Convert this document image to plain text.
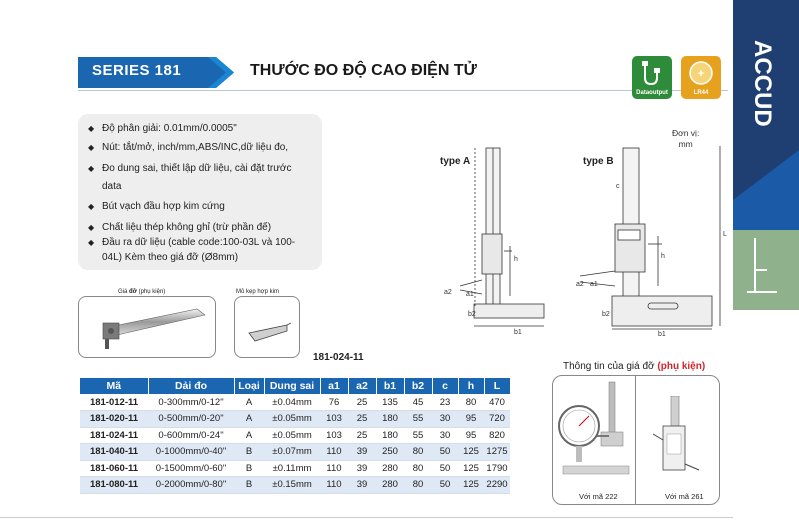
ACCUD
SERIES 181	THƯỚC ĐO ĐỘ CAO ĐIỆN TỬ
Dataoutput
+
LR44
◆ Độ phân giải: 0.01mm/0.0005"
◆ Nút: tắt/mở, inch/mm,ABS/INC,dữ liệu đo,
◆ Đo dung sai, thiết lập dữ liệu, cài đặt trước
data
◆ Bút vạch đầu hợp kim cứng
◆ Chất liệu thép không ghỉ (trừ phần đế)
◆ Đầu ra dữ liệu (cable code:100-03L và 100-
04L) Kèm theo giá đỡ (Ø8mm)
Giá đỡ (phụ kiện)	Mỏ kẹp hợp kim
181-024-11
Đơn vị:
mm
type A	type B
h
a1
a2
b2
b1
h
a1
a2
b2
b1
c
L
Mã	Dải đo	Loại	Dung sai	a1	a2	b1	b2	c	h	L
181-012-11	0-300mm/0-12"	A	±0.04mm	76	25	135	45	23	80	470
181-020-11	0-500mm/0-20"	A	±0.05mm	103	25	180	55	30	95	720
181-024-11	0-600mm/0-24"	A	±0.05mm	103	25	180	55	30	95	820
181-040-11	0-1000mm/0-40"	B	±0.07mm	110	39	250	80	50	125	1275
181-060-11	0-1500mm/0-60"	B	±0.11mm	110	39	280	80	50	125	1790
181-080-11	0-2000mm/0-80"	B	±0.15mm	110	39	280	80	50	125	2290
Thông tin của giá đỡ (phụ kiện)
Với mã 222	Với mã 261
